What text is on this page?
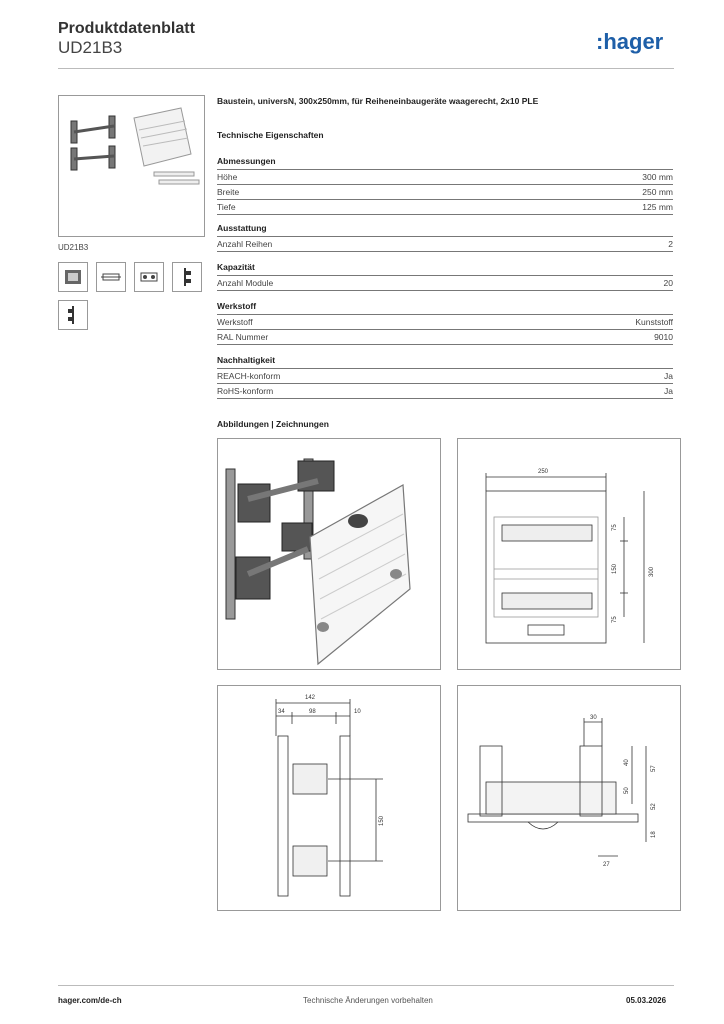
Produktdatenblatt
UD21B3	:hager
UD21B3
Baustein, universN, 300x250mm, für Reiheneinbaugeräte waagerecht, 2x10 PLE
Technische Eigenschaften
Abmessungen
Höhe	300 mm
Breite	250 mm
Tiefe	125 mm
Ausstattung
Anzahl Reihen	2
Kapazität
Anzahl Module	20
Werkstoff
Werkstoff	Kunststoff
RAL Nummer	9010
Nachhaltigkeit
REACH-konform	Ja
RoHS-konform	Ja
Abbildungen | Zeichnungen
250
75
150
75
300
142
34	98	10
150
30
40
57
50
52
18
27
hager.com/de-ch	Technische Änderungen vorbehalten	05.03.2026
